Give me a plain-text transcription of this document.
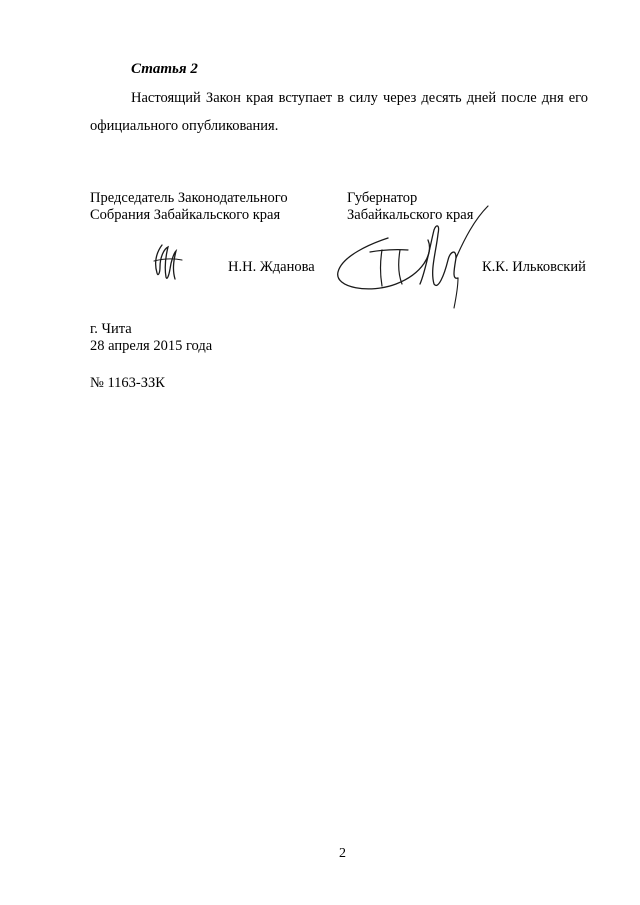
Статья 2
Настоящий Закон края вступает в силу через десять дней после дня его
официального опубликования.
Председатель Законодательного
Собрания Забайкальского края
Губернатор
Забайкальского края
Н.Н. Жданова	К.К. Ильковский
г. Чита
28 апреля 2015 года
№ 1163-ЗЗК
2
